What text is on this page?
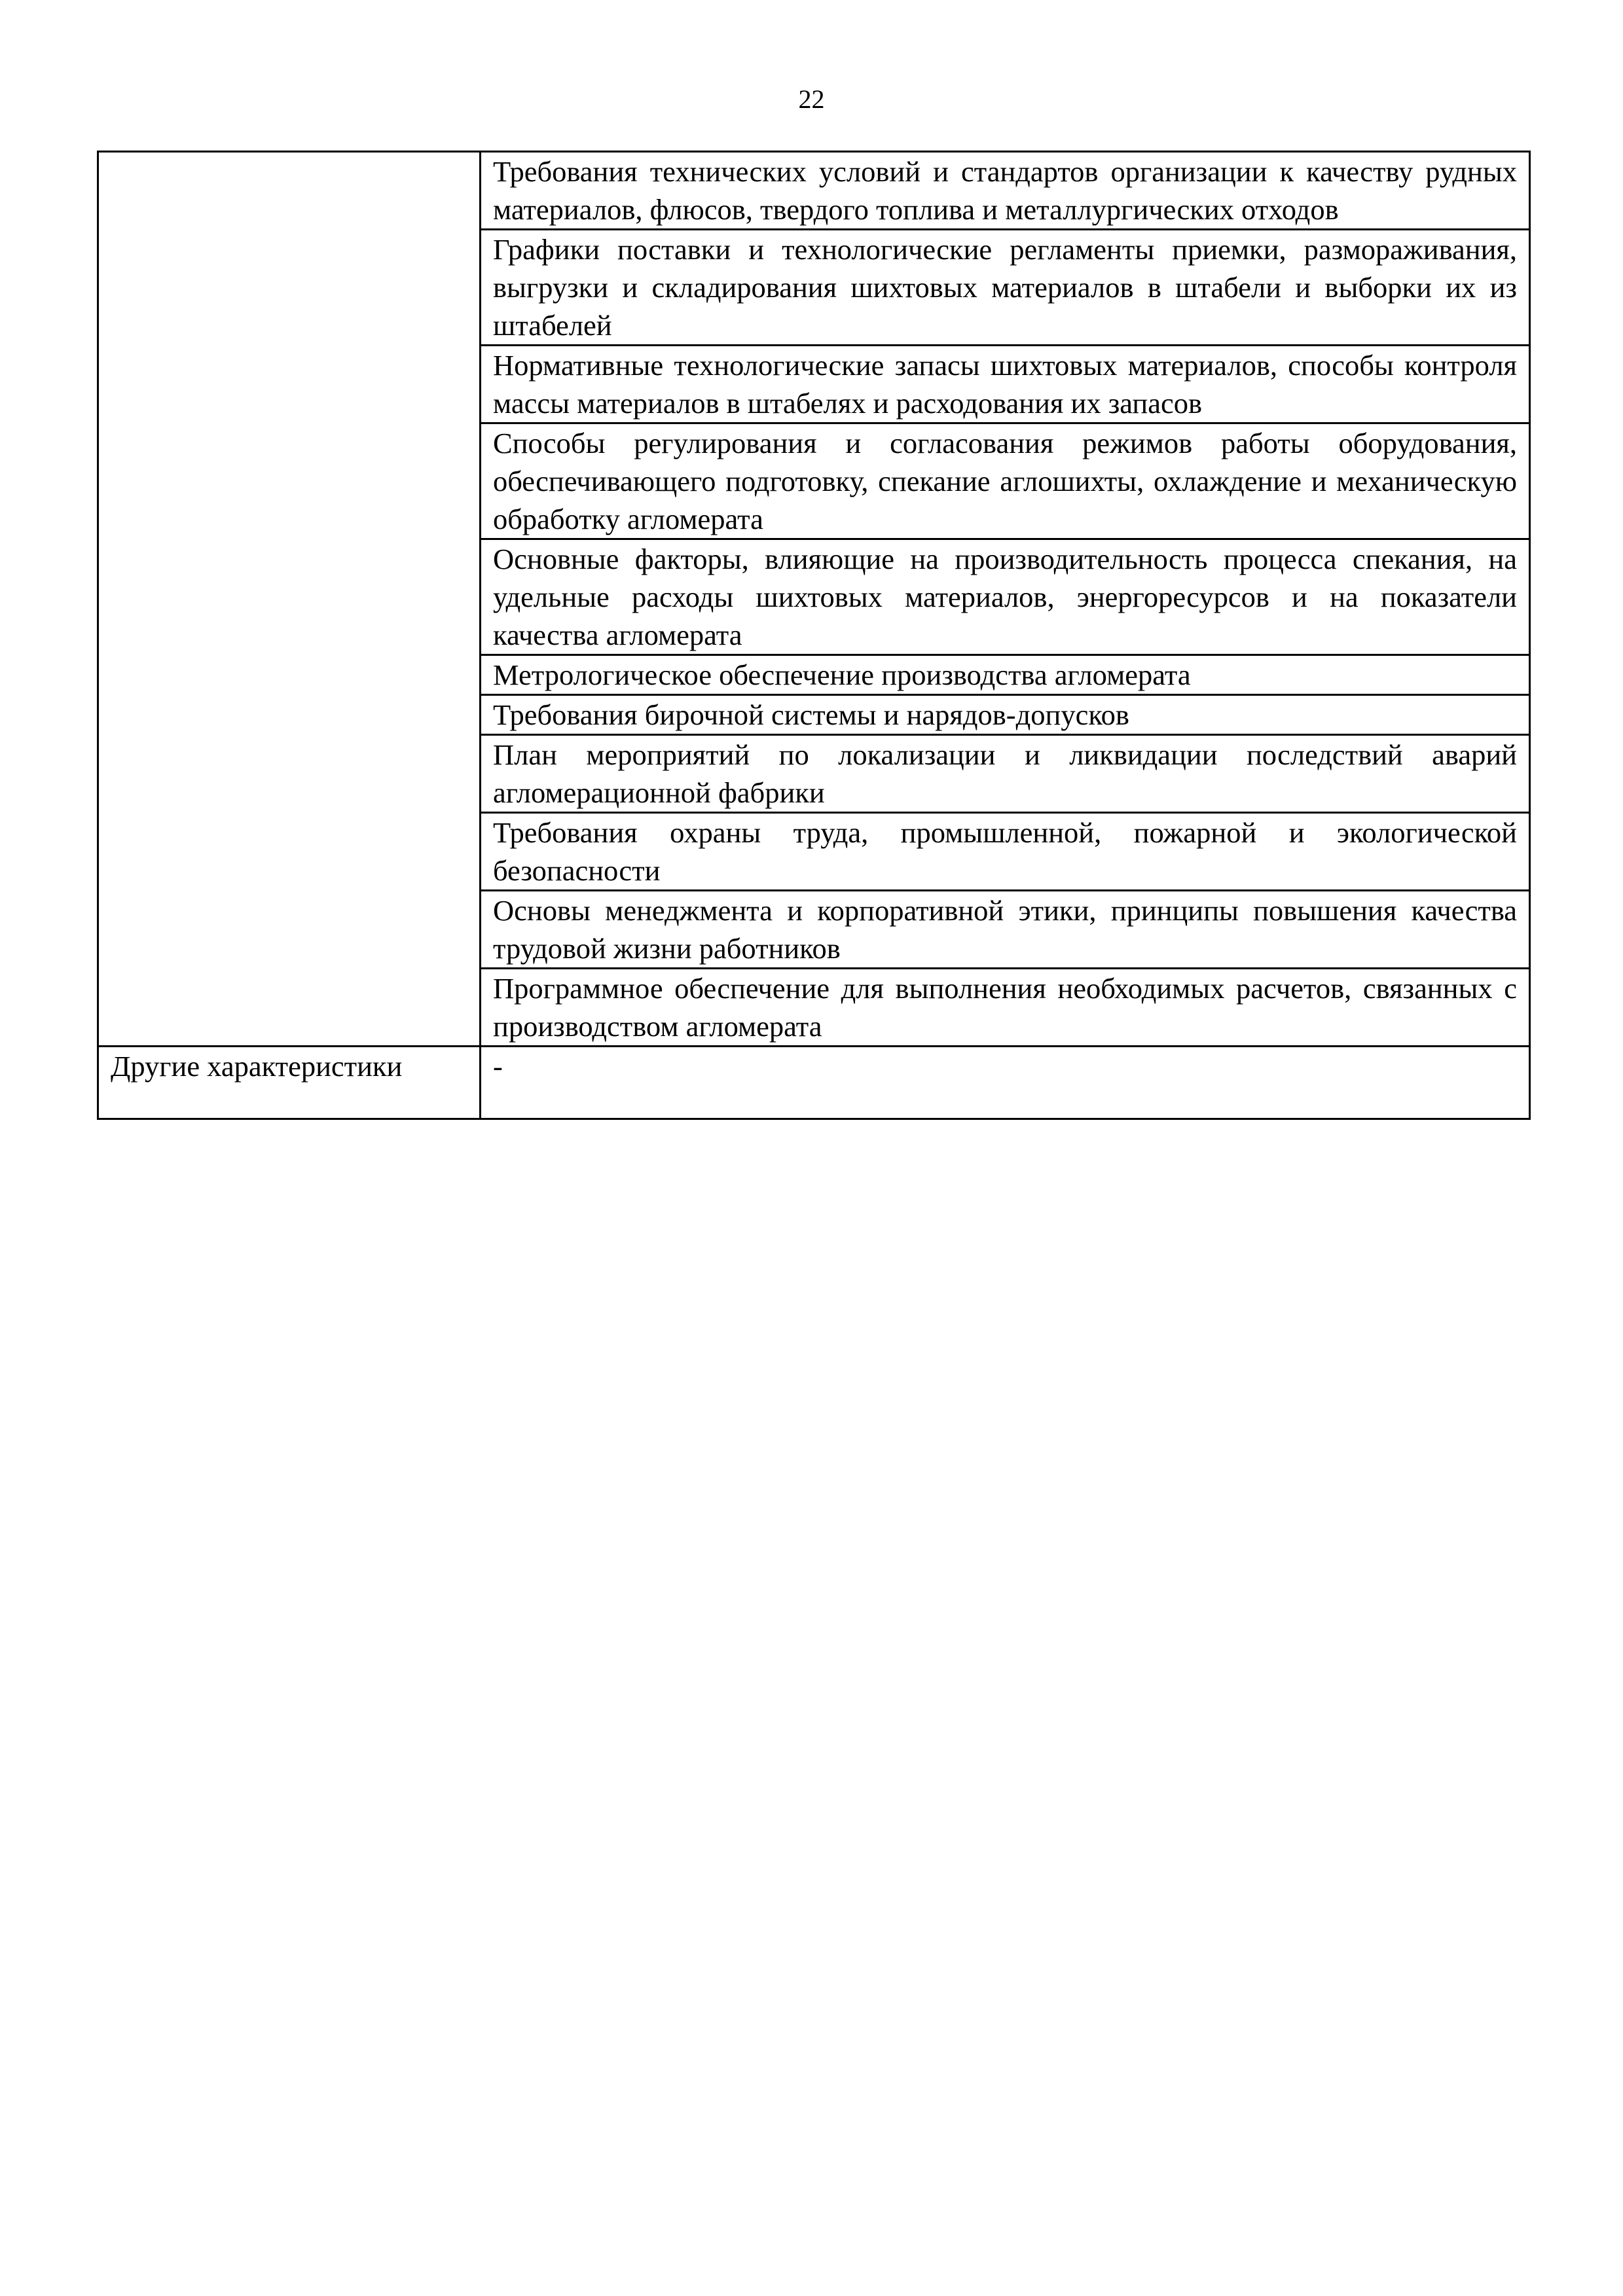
22

	Требования технических условий и стандартов организации к качеству рудных материалов, флюсов, твердого топлива и металлургических отходов

	Графики поставки и технологические регламенты приемки, размораживания, выгрузки и складирования шихтовых материалов в штабели и выборки их из штабелей

	Нормативные технологические запасы шихтовых материалов, способы контроля массы материалов в штабелях и расходования их запасов

	Способы регулирования и согласования режимов работы оборудования, обеспечивающего подготовку, спекание аглошихты, охлаждение и механическую обработку агломерата

	Основные факторы, влияющие на производительность процесса спекания, на удельные расходы шихтовых материалов, энергоресурсов и на показатели качества агломерата

	Метрологическое обеспечение производства агломерата

	Требования бирочной системы и нарядов-допусков

	План мероприятий по локализации и ликвидации последствий аварий агломерационной фабрики

	Требования охраны труда, промышленной, пожарной и экологической безопасности

	Основы менеджмента и корпоративной этики, принципы повышения качества трудовой жизни работников

	Программное обеспечение для выполнения необходимых расчетов, связанных с производством агломерата

Другие характеристики	-
